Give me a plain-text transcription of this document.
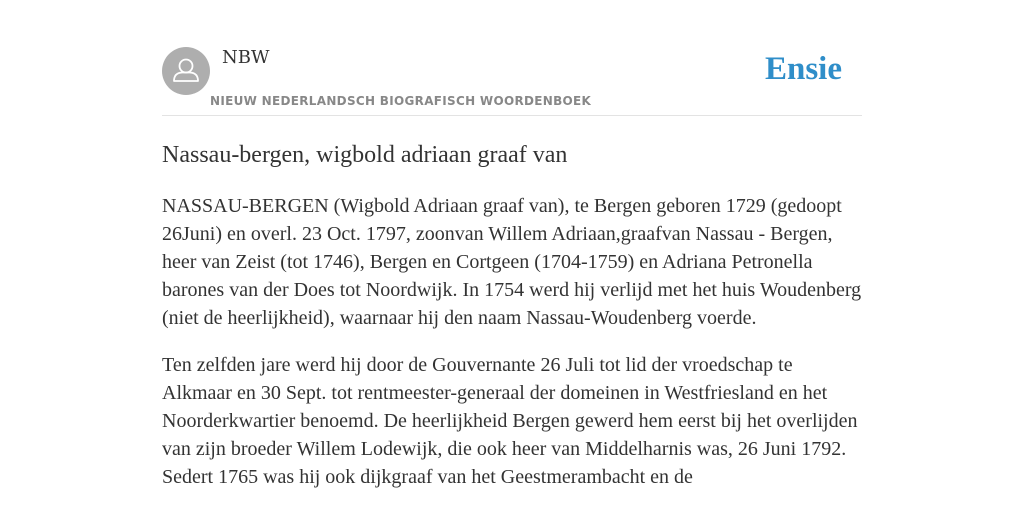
NBW
NIEUW NEDERLANDSCH BIOGRAFISCH WOORDENBOEK
Ensie
Nassau-bergen, wigbold adriaan graaf van

NASSAU-BERGEN (Wigbold Adriaan graaf van), te Bergen geboren 1729 (gedoopt 26Juni) en overl. 23 Oct. 1797, zoonvan Willem Adriaan,graafvan Nassau - Bergen, heer van Zeist (tot 1746), Bergen en Cortgeen (1704-1759) en Adriana Petronella barones van der Does tot Noordwijk. In 1754 werd hij verlijd met het huis Woudenberg (niet de heerlijkheid), waarnaar hij den naam Nassau-Woudenberg voerde.

Ten zelfden jare werd hij door de Gouvernante 26 Juli tot lid der vroedschap te Alkmaar en 30 Sept. tot rentmeester-generaal der domeinen in Westfriesland en het Noorderkwartier benoemd. De heerlijkheid Bergen gewerd hem eerst bij het overlijden van zijn broeder Willem Lodewijk, die ook heer van Middelharnis was, 26 Juni 1792. Sedert 1765 was hij ook dijkgraaf van het Geestmerambacht en de
